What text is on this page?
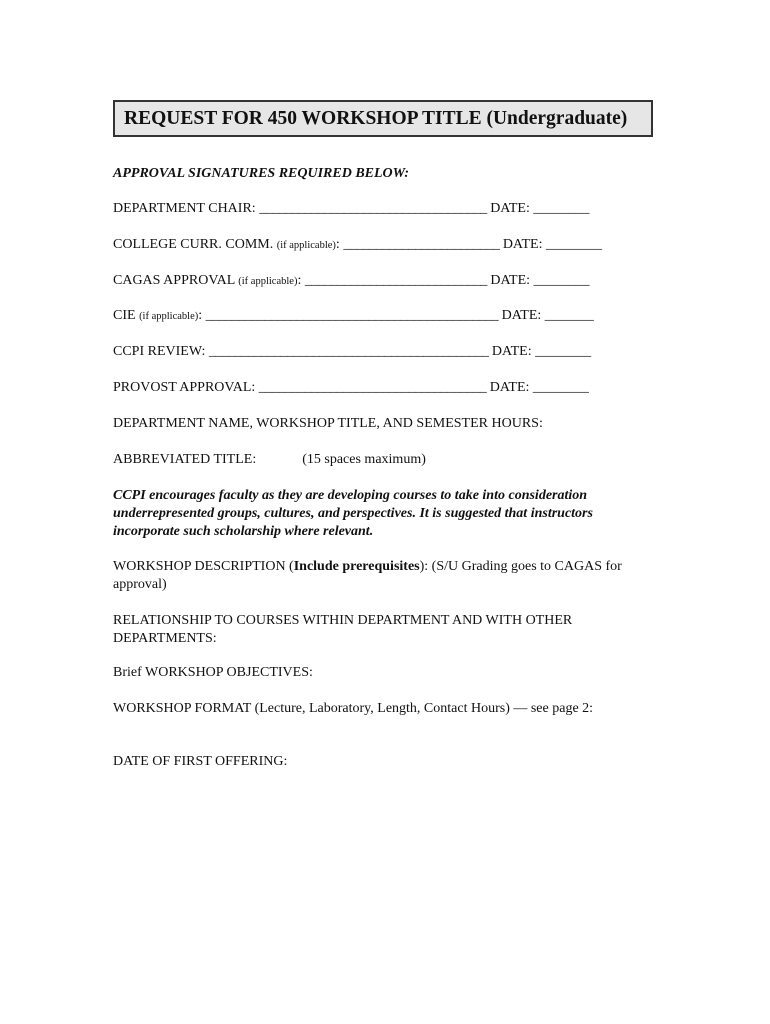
REQUEST FOR 450 WORKSHOP TITLE (Undergraduate)
APPROVAL SIGNATURES REQUIRED BELOW:
DEPARTMENT CHAIR: ___________________________________ DATE: ________
COLLEGE CURR. COMM. (if applicable): ________________________ DATE: ________
CAGAS APPROVAL (if applicable): ____________________________ DATE: ________
CIE (if applicable): _____________________________________________ DATE: _______
CCPI REVIEW: ___________________________________________ DATE: ________
PROVOST APPROVAL: ___________________________________ DATE: ________
DEPARTMENT NAME, WORKSHOP TITLE, AND SEMESTER HOURS:
ABBREVIATED TITLE:	(15 spaces maximum)
CCPI encourages faculty as they are developing courses to take into consideration underrepresented groups, cultures, and perspectives. It is suggested that instructors incorporate such scholarship where relevant.
WORKSHOP DESCRIPTION (Include prerequisites): (S/U Grading goes to CAGAS for approval)
RELATIONSHIP TO COURSES WITHIN DEPARTMENT AND WITH OTHER DEPARTMENTS:
Brief WORKSHOP OBJECTIVES:
WORKSHOP FORMAT (Lecture, Laboratory, Length, Contact Hours) — see page 2:
DATE OF FIRST OFFERING:
